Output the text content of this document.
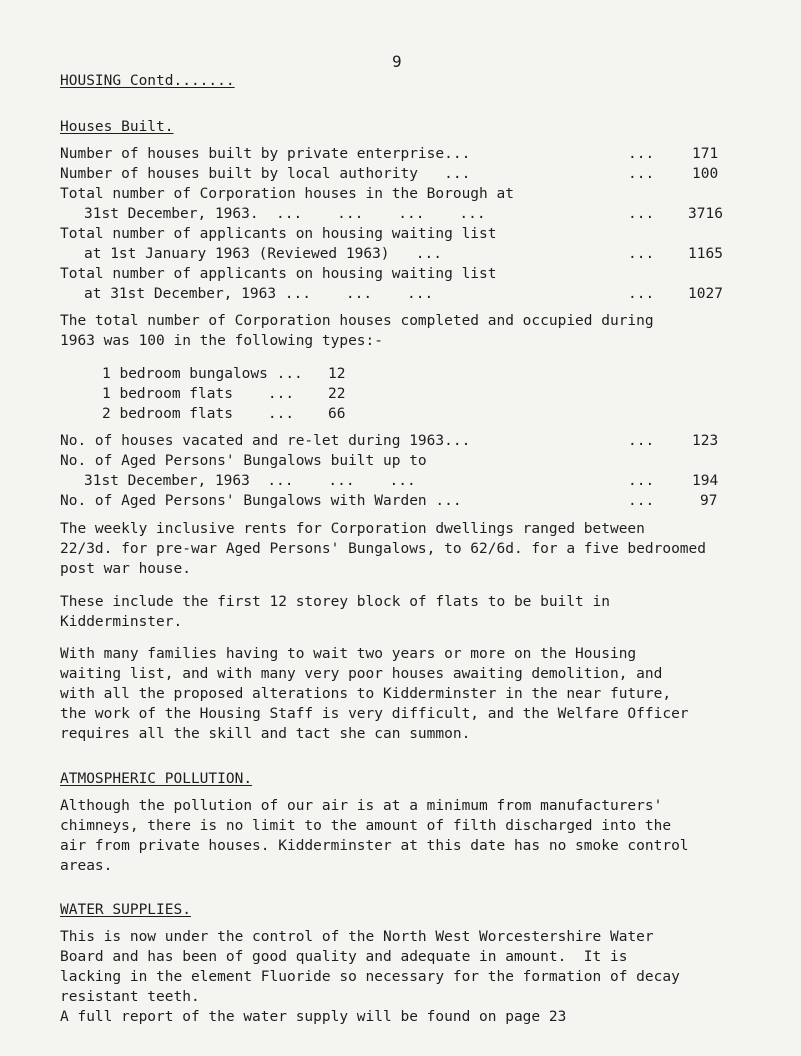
9
HOUSING Contd.......
Houses Built.
Number of houses built by private enterprise...	...	171
Number of houses built by local authority   ...	...	100
Total number of Corporation houses in the Borough at
31st December, 1963.  ...    ...    ...    ...	... 3716
Total number of applicants on housing waiting list
at 1st January 1963 (Reviewed 1963)   ...	... 1165
Total number of applicants on housing waiting list
at 31st December, 1963 ...    ...    ...	... 1027
The total number of Corporation houses completed and occupied during
1963 was 100 in the following types:-
1 bedroom bungalows ... 12
1 bedroom flats    ... 22
2 bedroom flats    ... 66
No. of houses vacated and re-let during 1963...	...	123
No. of Aged Persons' Bungalows built up to
31st December, 1963  ...    ...    ...	...	194
No. of Aged Persons' Bungalows with Warden ...	...	97
The weekly inclusive rents for Corporation dwellings ranged between
22/3d. for pre-war Aged Persons' Bungalows, to 62/6d. for a five bedroomed
post war house.
These include the first 12 storey block of flats to be built in
Kidderminster.
With many families having to wait two years or more on the Housing
waiting list, and with many very poor houses awaiting demolition, and
with all the proposed alterations to Kidderminster in the near future,
the work of the Housing Staff is very difficult, and the Welfare Officer
requires all the skill and tact she can summon.
ATMOSPHERIC POLLUTION.
Although the pollution of our air is at a minimum from manufacturers'
chimneys, there is no limit to the amount of filth discharged into the
air from private houses. Kidderminster at this date has no smoke control
areas.
WATER SUPPLIES.
This is now under the control of the North West Worcestershire Water
Board and has been of good quality and adequate in amount.  It is
lacking in the element Fluoride so necessary for the formation of decay
resistant teeth.
A full report of the water supply will be found on page 23
